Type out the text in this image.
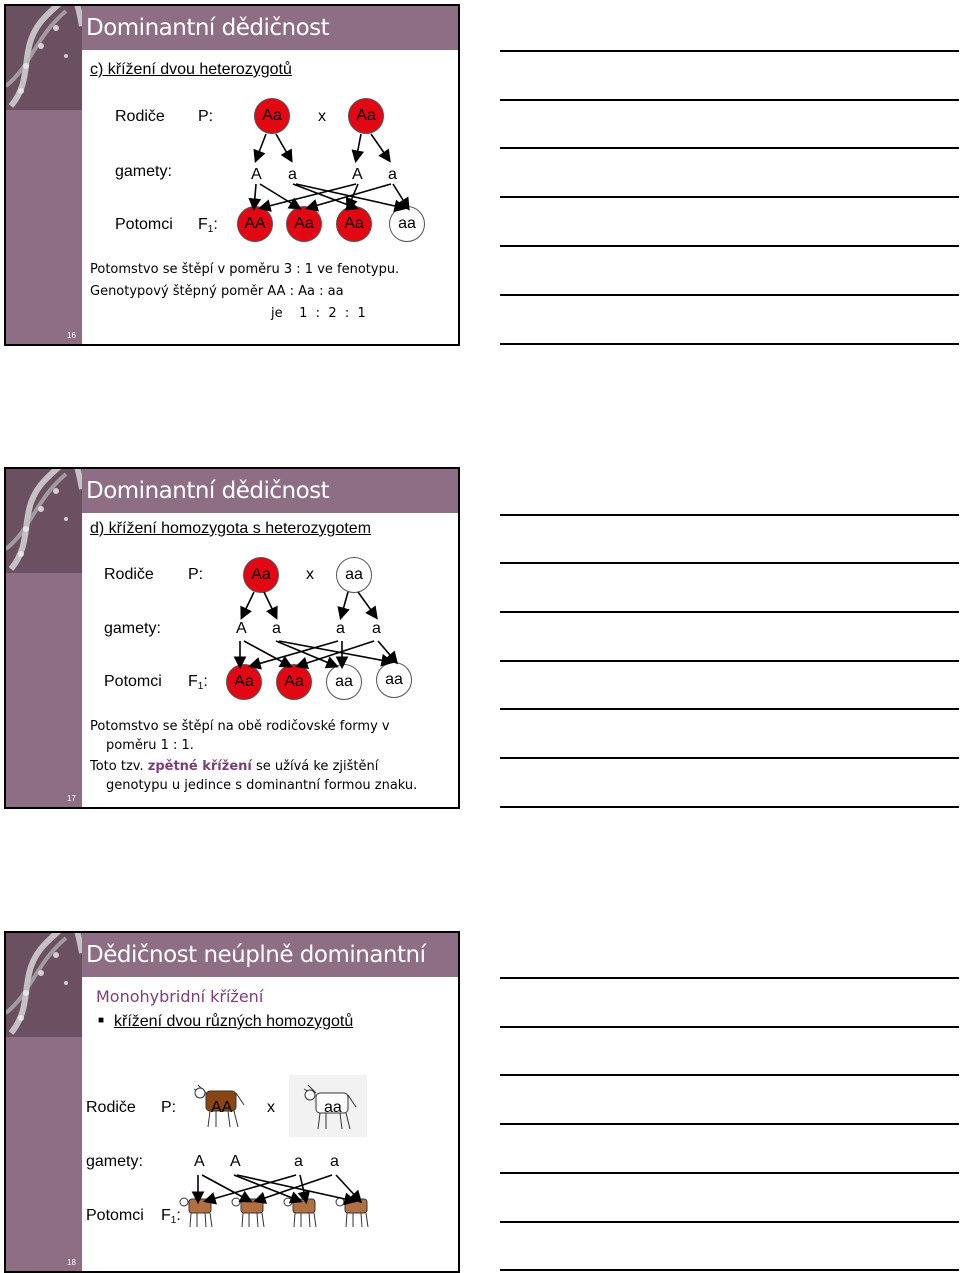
Dominantní dědičnost
16
c) křížení dvou heterozygotů
Rodiče P:	Aa	x	Aa
gamety:	A a	A a
Potomci $F_1$:	AA	Aa	Aa	aa
Potomstvo se štěpí v poměru 3 : 1 ve fenotypu.
Genotypový štěpný poměr AA : Aa : aa
je    1  :  2  :  1
Dominantní dědičnost
17
d) křížení homozygota s heterozygotem
Rodiče P:	Aa	x	aa
gamety:	A a	a a
Potomci $F_1$:	Aa	Aa	aa	aa
Potomstvo se štěpí na obě rodičovské formy v
poměru 1 : 1.
Toto tzv. zpětné křížení se užívá ke zjištění
genotypu u jedince s dominantní formou znaku.
Dědičnost neúplně dominantní
18
Monohybridní křížení
■ křížení dvou různých homozygotů
Rodiče P: AA x	aa
gamety:	A A	a a
Potomci $F_1$:
